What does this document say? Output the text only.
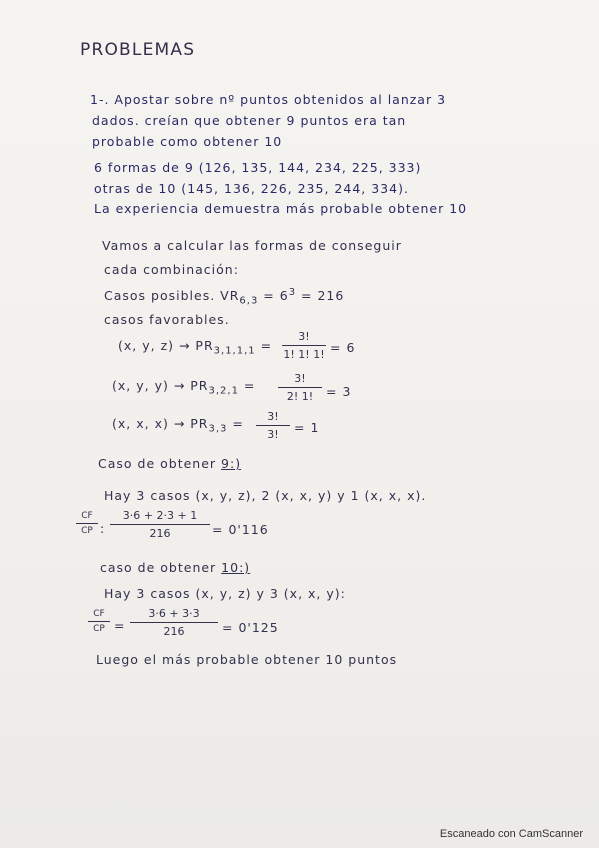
PROBLEMAS
1-. Apostar sobre nº puntos obtenidos al lanzar 3
dados. creían que obtener 9 puntos era tan
probable como obtener 10
6 formas de 9 (126, 135, 144, 234, 225, 333)
otras de 10 (145, 136, 226, 235, 244, 334).
La experiencia demuestra más probable obtener 10
Vamos a calcular las formas de conseguir
cada combinación:
Casos posibles. $VR_{6,3} = 6^3 = 216$
casos favorables.
(x, y, $z) \to PR_{3,1,1,1}$ =
3!
1! 1! 1! = 6
(x, y, $y) \to PR_{3,2,1}$ =	3!
2! 1!	= 3
(x, x, $x) \to PR_{3,3}$ =	3!
3!	= 1
Caso de obtener 9:)
Hay 3 casos (x, y, z), 2 (x, x, y) y 1 (x, x, x).
CF
CP :
3·6 + 2·3 + 1
216	= 0'116
caso de obtener 10:)
Hay 3 casos (x, y, z) y 3 (x, x, y):
CF
CP =
3·6 + 3·3
216	= 0'125
Luego el más probable obtener 10 puntos
Escaneado con CamScanner
